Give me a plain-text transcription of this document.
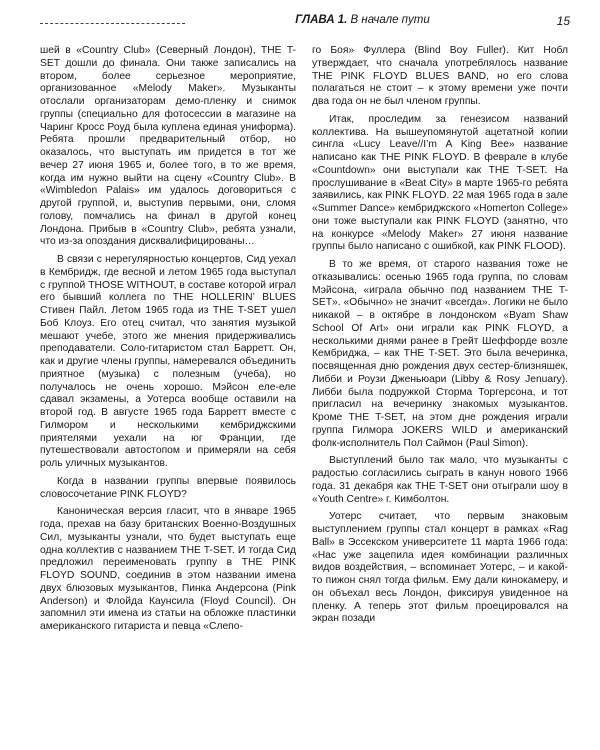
ГЛАВА 1. В начале пути	15

шей в «Country Club» (Северный Лондон), THE T-SET дошли до финала. Они также записались на втором, более серьезное мероприятие, организованное «Melody Maker». Музыканты отослали организаторам демо-пленку и снимок группы (специально для фотосессии в магазине на Чаринг Кросс Роуд была куплена единая униформа). Ребята прошли предварительный отбор, но оказалось, что выступать им придется в тот же вечер 27 июня 1965 и, более того, в то же время, когда им нужно выйти на сцену «Country Club». В «Wimbledon Palais» им удалось договориться с другой группой, и, выступив первыми, они, сломя голову, помчались на финал в другой конец Лондона. Прибыв в «Country Club», ребята узнали, что из-за опоздания дисквалифицированы…

В связи с нерегулярностью концертов, Сид уехал в Кембридж, где весной и летом 1965 года выступал с группой THOSE WITHOUT, в составе которой играл его бывший коллега по THE HOLLERIN’ BLUES Стивен Пайл. Летом 1965 года из THE T-SET ушел Боб Клоуз. Его отец считал, что занятия музыкой мешают учебе, этого же мнения придерживались преподаватели. Соло-гитаристом стал Барретт. Он, как и другие члены группы, намеревался объединить приятное (музыка) с полезным (учеба), но получалось не очень хорошо. Мэйсон еле-еле сдавал экзамены, а Уотерса вообще оставили на второй год. В августе 1965 года Барретт вместе с Гилмором и несколькими кембриджскими приятелями уехали на юг Франции, где путешествовали автостопом и примеряли на себя роль уличных музыкантов.

Когда в названии группы впервые появилось словосочетание PINK FLOYD?

Каноническая версия гласит, что в январе 1965 года, прехав на базу британских Военно-Воздушных Сил, музыканты узнали, что будет выступать еще одна коллектив с названием THE T-SET. И тогда Сид предложил переименовать группу в THE PINK FLOYD SOUND, соединив в этом названии имена двух блюзовых музыкантов, Пинка Андерсона (Pink Anderson) и Флойда Каунсила (Floyd Council). Он запомнил эти имена из статьи на обложке пластинки американского гитариста и певца «Слепо-

го Боя» Фуллера (Blind Boy Fuller). Кит Нобл утверждает, что сначала употреблялось название THE PINK FLOYD BLUES BAND, но его слова полагаться не стоит – к этому времени уже почти два года он не был членом группы.

Итак, проследим за генезисом названий коллектива. На вышеупомянутой ацетатной копии сингла «Lucy Leave//I’m A King Bee» название написано как THE PINK FLOYD. В феврале в клубе «Countdown» они выступали как THE T-SET. На прослушивание в «Beat City» в марте 1965-го ребята заявились, как PINK FLOYD. 22 мая 1965 года в зале «Summer Dance» кембриджского «Homerton College» они тоже выступали как PINK FLOYD (занятно, что на конкурсе «Melody Maker» 27 июня название группы было написано с ошибкой, как PINK FLOOD).

В то же время, от старого названия тоже не отказывались: осенью 1965 года группа, по словам Мэйсона, «играла обычно под названием THE T-SET». «Обычно» не значит «всегда». Логики не было никакой – в октябре в лондонском «Byam Shaw School Of Art» они играли как PINK FLOYD, а несколькими днями ранее в Грейт Шеффорде возле Кембриджа, – как THE T-SET. Это была вечеринка, посвященная дню рождения двух сестер-близняшек, Либби и Роузи Дженьюари (Libby & Rosy Jenuary). Либби была подружкой Сторма Торгерсона, и тот пригласил на вечеринку знакомых музыкантов. Кроме THE T-SET, на этом дне рождения играли группа Гилмора JOKERS WILD и американский фолк-исполнитель Пол Саймон (Paul Simon).

Выступлений было так мало, что музыканты с радостью согласились сыграть в канун нового 1966 года. 31 декабря как THE T-SET они отыграли шоу в «Youth Centre» г. Кимболтон.

Уотерс считает, что первым знаковым выступлением группы стал концерт в рамках «Rag Ball» в Эссекском университете 11 марта 1966 года: «Нас уже зацепила идея комбинации различных видов воздействия, – вспоминает Уотерс, – и какой-то пижон снял тогда фильм. Ему дали кинокамеру, и он объехал весь Лондон, фиксируя увиденное на пленку. А теперь этот фильм проецировался на экран позади
